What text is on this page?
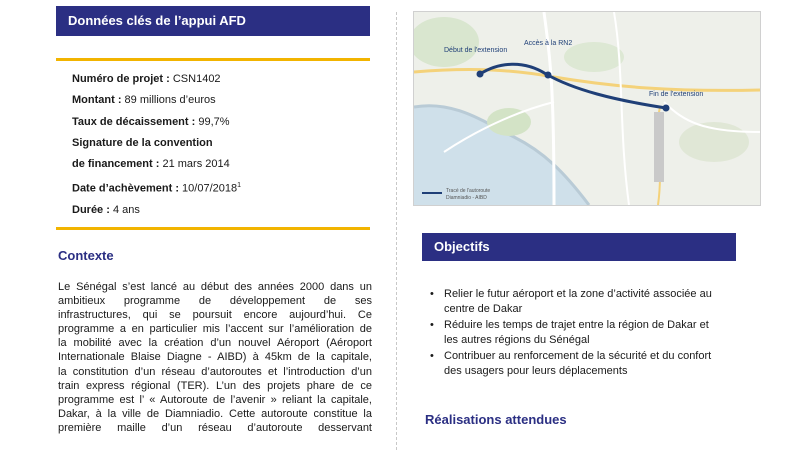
Données clés de l’appui AFD
Numéro de projet : CSN1402
Montant : 89 millions d’euros
Taux de décaissement : 99,7%
Signature de la convention
de financement : 21 mars 2014
Date d’achèvement : 10/07/2018$^1$
Durée : 4 ans
Contexte
Le Sénégal s’est lancé au début des années 2000 dans un
ambitieux programme de développement de ses
infrastructures, qui se poursuit encore aujourd’hui. Ce
programme a en particulier mis l’accent sur l’amélioration de
la mobilité avec la création d’un nouvel Aéroport (Aéroport
Internationale Blaise Diagne - AIBD) à 45km de la capitale,
la constitution d’un réseau d’autoroutes et l’introduction d’un
train express régional (TER). L’un des projets phare de ce
programme est l’ « Autoroute de l’avenir » reliant la capitale,
Dakar, à la ville de Diamniadio. Cette autoroute constitue la
première maille d’un réseau d’autoroute desservant
Début de l'extension
Accès à la RN2
Fin de l'extension
Tracé de l'autoroute
Diamniadio - AIBD
Objectifs
• Relier le futur aéroport et la zone d’activité associée au
centre de Dakar
• Réduire les temps de trajet entre la région de Dakar et
les autres régions du Sénégal
• Contribuer au renforcement de la sécurité et du confort
des usagers pour leurs déplacements
Réalisations attendues
